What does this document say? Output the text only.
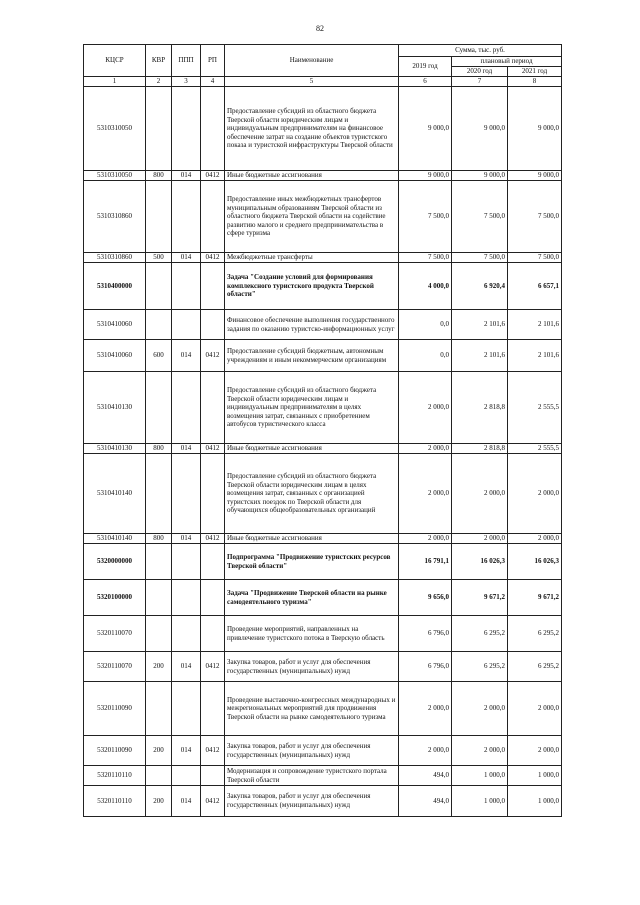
82
КЦСР	КВР	ППП	РП	Наименование	Сумма, тыс. руб.		
					2019 год	плановый период	
						2020 год	2021 год
1	2	3	4	5	6	7	8
5310310050				Предоставление субсидий из областного бюджета Тверской области юридическим лицам и индивидуальным предпринимателям на финансовое обеспечение затрат на создание объектов туристского показа и туристской инфраструктуры Тверской области	9 000,0	9 000,0	9 000,0
5310310050	800	014	0412	Иные бюджетные ассигнования	9 000,0	9 000,0	9 000,0
5310310860				Предоставление иных межбюджетных трансфертов муниципальным образованиям Тверской области из областного бюджета Тверской области на содействие развитию малого и среднего предпринимательства в сфере туризма	7 500,0	7 500,0	7 500,0
5310310860	500	014	0412	Межбюджетные трансферты	7 500,0	7 500,0	7 500,0
5310400000				Задача "Создание условий для формирования комплексного туристского продукта Тверской области"	4 000,0	6 920,4	6 657,1
5310410060				Финансовое обеспечение выполнения государственного задания по оказанию туристско-информационных услуг	0,0	2 101,6	2 101,6
5310410060	600	014	0412	Предоставление субсидий бюджетным, автономным учреждениям и иным некоммерческим организациям	0,0	2 101,6	2 101,6
5310410130				Предоставление субсидий из областного бюджета Тверской области юридическим лицам и индивидуальным предпринимателям в целях возмещения затрат, связанных с приобретением автобусов туристического класса	2 000,0	2 818,8	2 555,5
5310410130	800	014	0412	Иные бюджетные ассигнования	2 000,0	2 818,8	2 555,5
5310410140				Предоставление субсидий из областного бюджета Тверской области юридическим лицам в целях возмещения затрат, связанных с организацией туристских поездок по Тверской области для обучающихся общеобразовательных организаций	2 000,0	2 000,0	2 000,0
5310410140	800	014	0412	Иные бюджетные ассигнования	2 000,0	2 000,0	2 000,0
5320000000				Подпрограмма "Продвижение туристских ресурсов Тверской области"	16 791,1	16 026,3	16 026,3
5320100000				Задача "Продвижение Тверской области на рынке самодеятельного туризма"	9 656,0	9 671,2	9 671,2
5320110070				Проведение мероприятий, направленных на привлечение туристского потока в Тверскую область	6 796,0	6 295,2	6 295,2
5320110070	200	014	0412	Закупка товаров, работ и услуг для обеспечения государственных (муниципальных) нужд	6 796,0	6 295,2	6 295,2
5320110090				Проведение выставочно-конгрессных международных и межрегиональных мероприятий для продвижения Тверской области на рынке самодеятельного туризма	2 000,0	2 000,0	2 000,0
5320110090	200	014	0412	Закупка товаров, работ и услуг для обеспечения государственных (муниципальных) нужд	2 000,0	2 000,0	2 000,0
5320110110				Модернизация и сопровождение туристского портала Тверской области	494,0	1 000,0	1 000,0
5320110110	200	014	0412	Закупка товаров, работ и услуг для обеспечения государственных (муниципальных) нужд	494,0	1 000,0	1 000,0
